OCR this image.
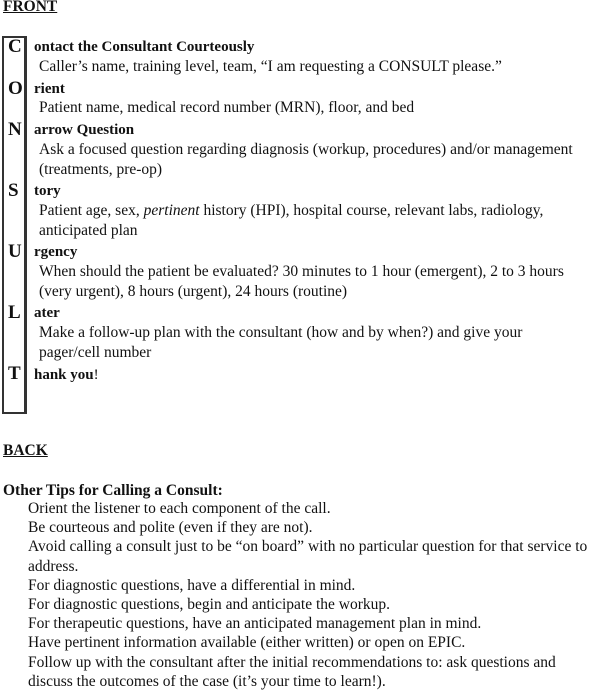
FRONT
C ontact the Consultant Courteously
Caller’s name, training level, team, “I am requesting a CONSULT please.”
O rient
Patient name, medical record number (MRN), floor, and bed
N arrow Question
Ask a focused question regarding diagnosis (workup, procedures) and/or management (treatments, pre-op)
S tory
Patient age, sex, pertinent history (HPI), hospital course, relevant labs, radiology, anticipated plan
U rgency
When should the patient be evaluated? 30 minutes to 1 hour (emergent), 2 to 3 hours (very urgent), 8 hours (urgent), 24 hours (routine)
L ater
Make a follow-up plan with the consultant (how and by when?) and give your pager/cell number
T hank you!
BACK
Other Tips for Calling a Consult:
Orient the listener to each component of the call.
Be courteous and polite (even if they are not).
Avoid calling a consult just to be “on board” with no particular question for that service to address.
For diagnostic questions, have a differential in mind.
For diagnostic questions, begin and anticipate the workup.
For therapeutic questions, have an anticipated management plan in mind.
Have pertinent information available (either written) or open on EPIC.
Follow up with the consultant after the initial recommendations to: ask questions and discuss the outcomes of the case (it’s your time to learn!).
